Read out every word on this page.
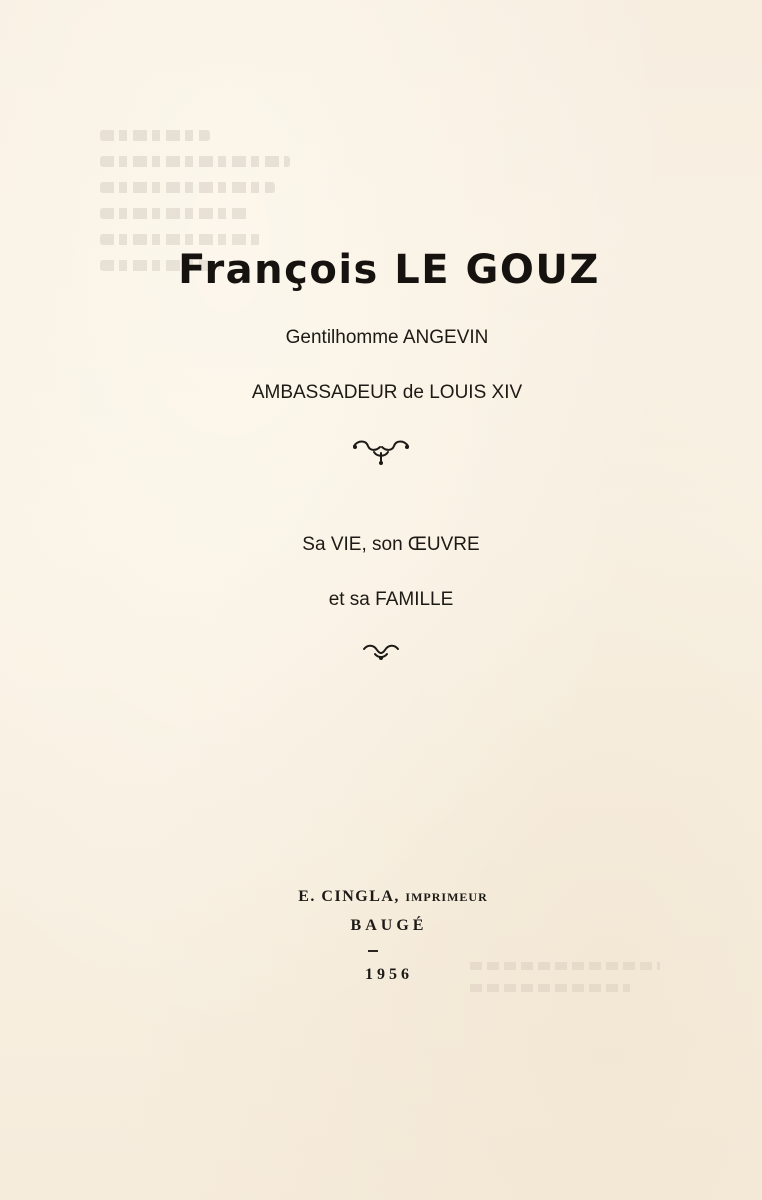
François LE GOUZ
Gentilhomme ANGEVIN
AMBASSADEUR de LOUIS XIV
Sa VIE, son ŒUVRE
et sa FAMILLE
E. CINGLA, IMPRIMEUR
BAUGÉ
1956
